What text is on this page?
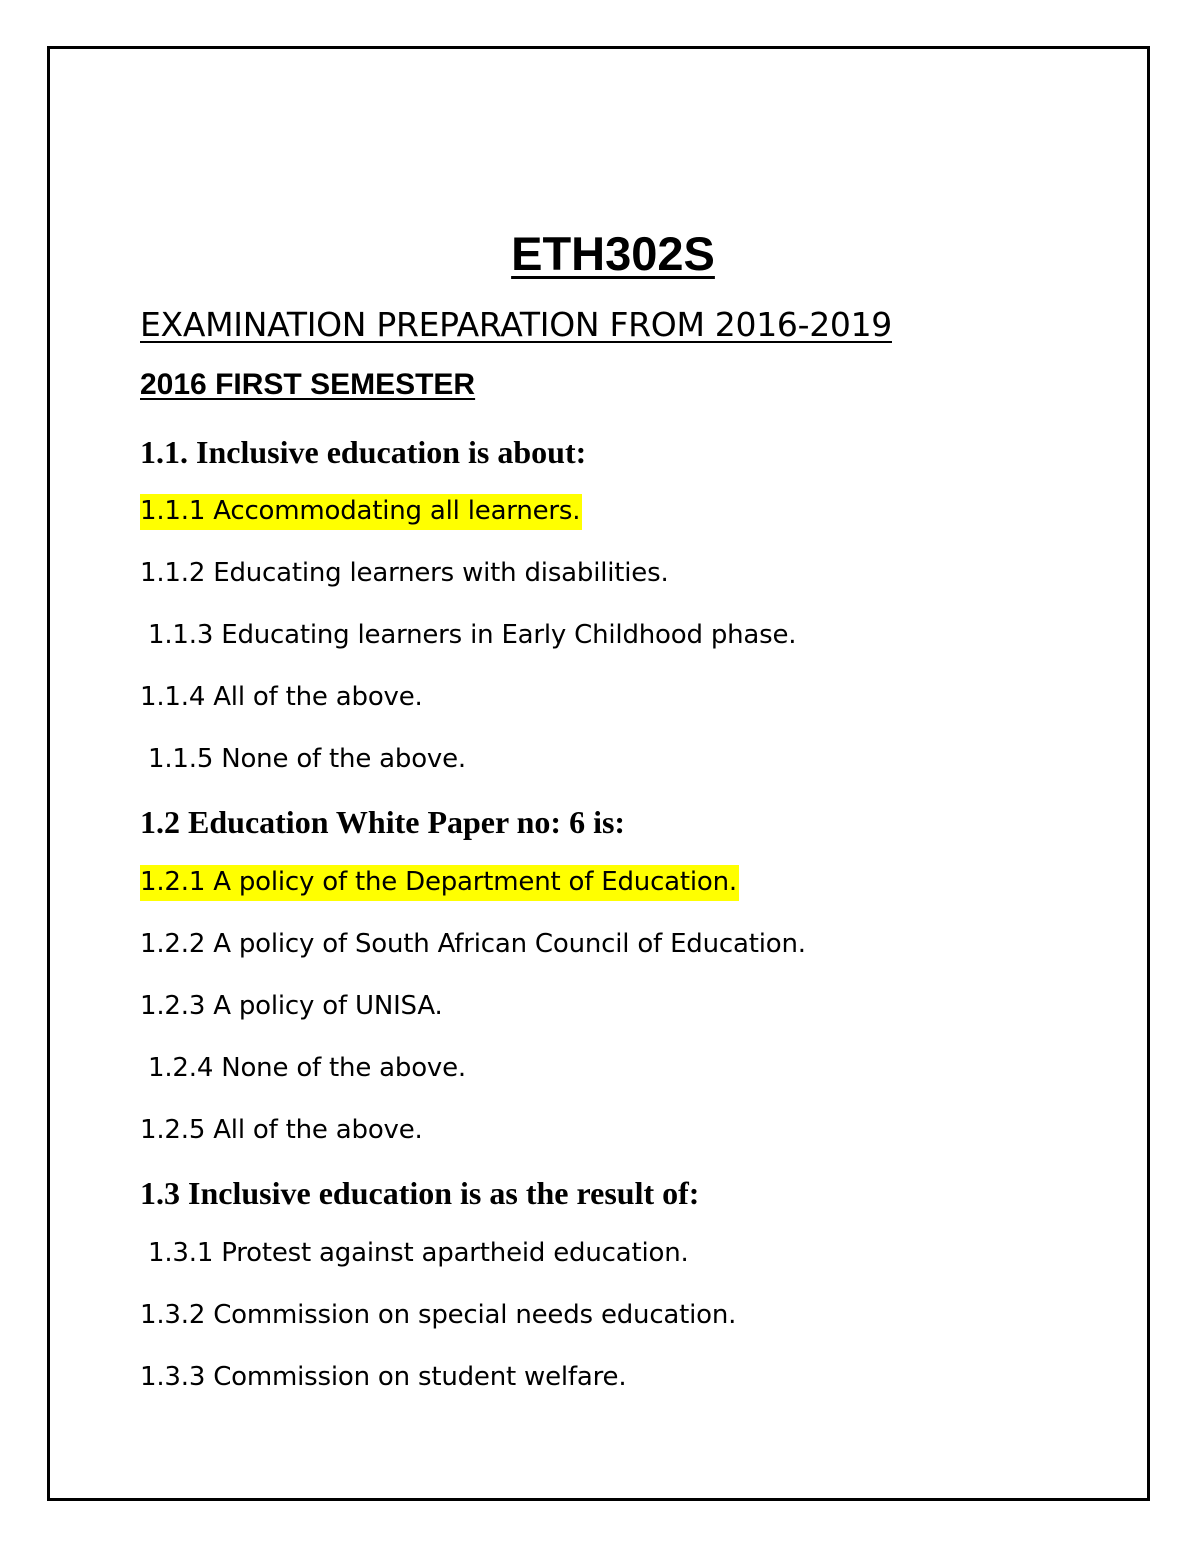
ETH302S
EXAMINATION PREPARATION FROM 2016-2019
2016 FIRST SEMESTER
1.1. Inclusive education is about:
1.1.1 Accommodating all learners.
1.1.2 Educating learners with disabilities.
1.1.3 Educating learners in Early Childhood phase.
1.1.4 All of the above.
1.1.5 None of the above.
1.2 Education White Paper no: 6 is:
1.2.1 A policy of the Department of Education.
1.2.2 A policy of South African Council of Education.
1.2.3 A policy of UNISA.
1.2.4 None of the above.
1.2.5 All of the above.
1.3 Inclusive education is as the result of:
1.3.1 Protest against apartheid education.
1.3.2 Commission on special needs education.
1.3.3 Commission on student welfare.
